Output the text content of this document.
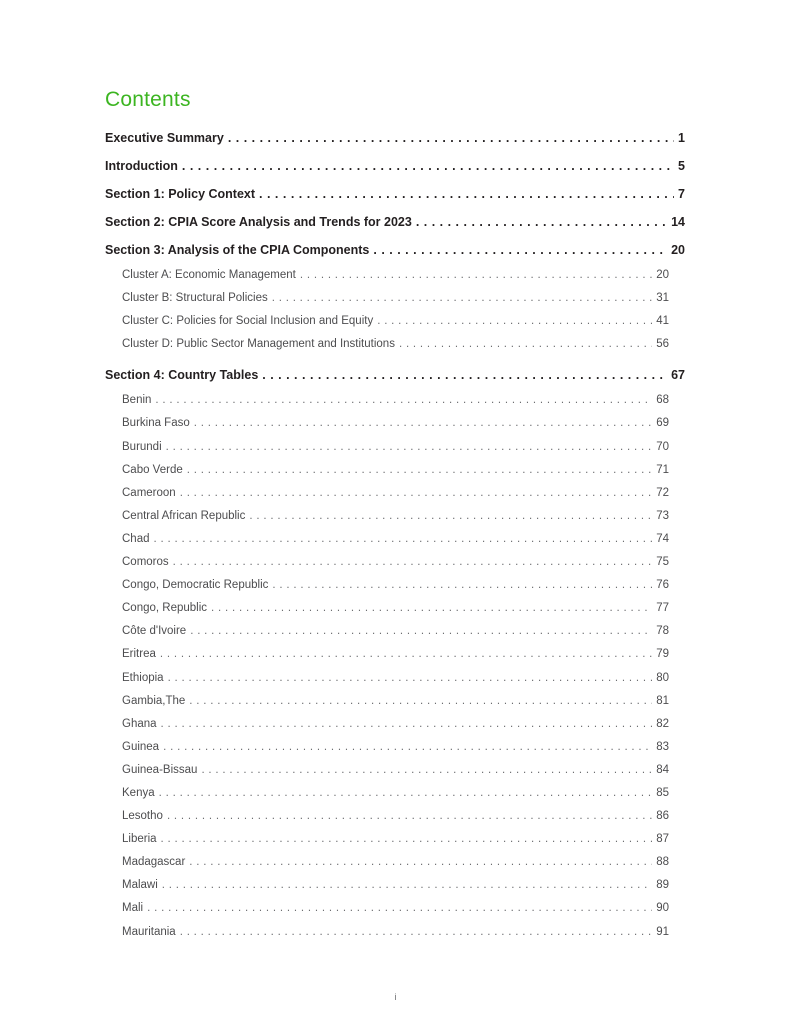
Contents
Executive Summary . . .	1
Introduction . . .	5
Section 1: Policy Context . . .	7
Section 2: CPIA Score Analysis and Trends for 2023 . . .	14
Section 3: Analysis of the CPIA Components . . .	20
Cluster A: Economic Management . . .	20
Cluster B: Structural Policies . . .	31
Cluster C: Policies for Social Inclusion and Equity . . .	41
Cluster D: Public Sector Management and Institutions . . .	56
Section 4: Country Tables . . .	67
Benin . . .	68
Burkina Faso . . .	69
Burundi . . .	70
Cabo Verde . . .	71
Cameroon . . .	72
Central African Republic . . .	73
Chad . . .	74
Comoros . . .	75
Congo, Democratic Republic . . .	76
Congo, Republic . . .	77
Côte d'Ivoire . . .	78
Eritrea . . .	79
Ethiopia . . .	80
Gambia,The . . .	81
Ghana . . .	82
Guinea . . .	83
Guinea-Bissau . . .	84
Kenya . . .	85
Lesotho . . .	86
Liberia . . .	87
Madagascar . . .	88
Malawi . . .	89
Mali . . .	90
Mauritania . . .	91
i
